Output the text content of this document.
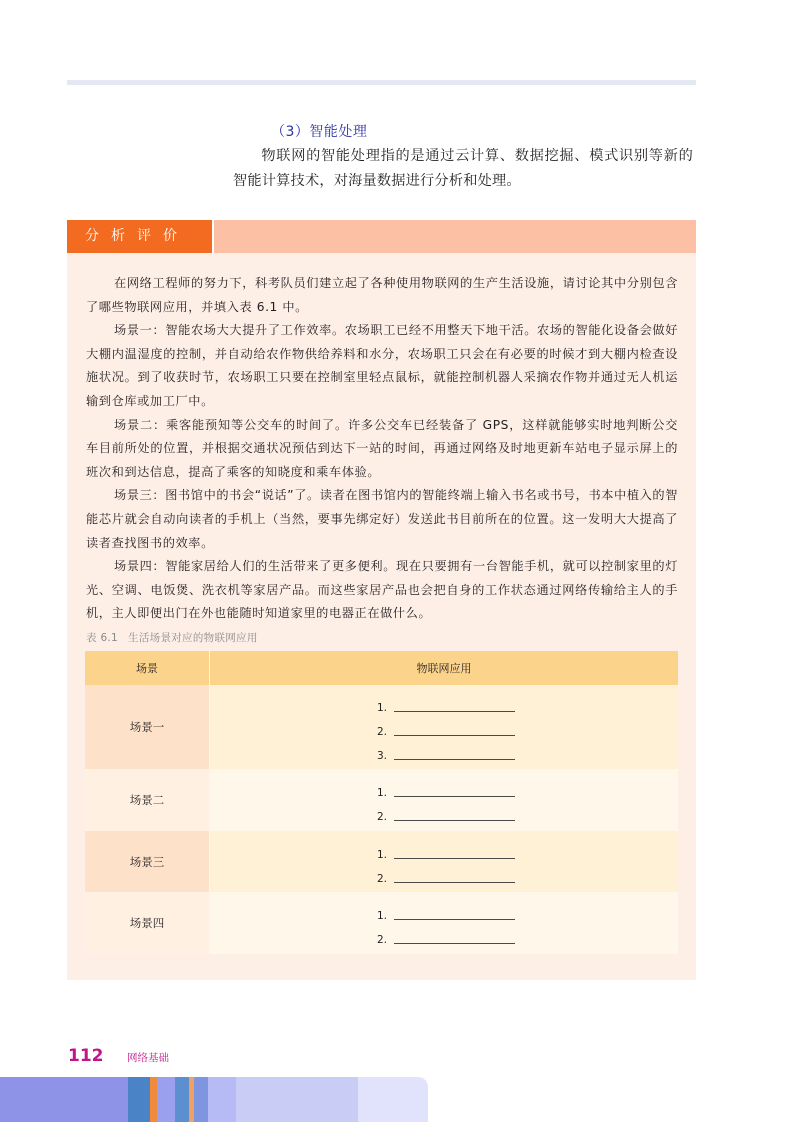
（3）智能处理

物联网的智能处理指的是通过云计算、数据挖掘、模式识别等新的智能计算技术，对海量数据进行分析和处理。

分析评价

在网络工程师的努力下，科考队员们建立起了各种使用物联网的生产生活设施，请讨论其中分别包含了哪些物联网应用，并填入表 6.1 中。

场景一：智能农场大大提升了工作效率。农场职工已经不用整天下地干活。农场的智能化设备会做好大棚内温湿度的控制，并自动给农作物供给养料和水分，农场职工只会在有必要的时候才到大棚内检查设施状况。到了收获时节，农场职工只要在控制室里轻点鼠标，就能控制机器人采摘农作物并通过无人机运输到仓库或加工厂中。

场景二：乘客能预知等公交车的时间了。许多公交车已经装备了 GPS，这样就能够实时地判断公交车目前所处的位置，并根据交通状况预估到达下一站的时间，再通过网络及时地更新车站电子显示屏上的班次和到达信息，提高了乘客的知晓度和乘车体验。

场景三：图书馆中的书会“说话”了。读者在图书馆内的智能终端上输入书名或书号，书本中植入的智能芯片就会自动向读者的手机上（当然，要事先绑定好）发送此书目前所在的位置。这一发明大大提高了读者查找图书的效率。

场景四：智能家居给人们的生活带来了更多便利。现在只要拥有一台智能手机，就可以控制家里的灯光、空调、电饭煲、洗衣机等家居产品。而这些家居产品也会把自身的工作状态通过网络传输给主人的手机，主人即便出门在外也能随时知道家里的电器正在做什么。

表 6.1 生活场景对应的物联网应用
场景	物联网应用
场景一	1.
2.
3.

场景二	1.
2.

场景三	1.
2.

场景四	1.
2.
112 网络基础
